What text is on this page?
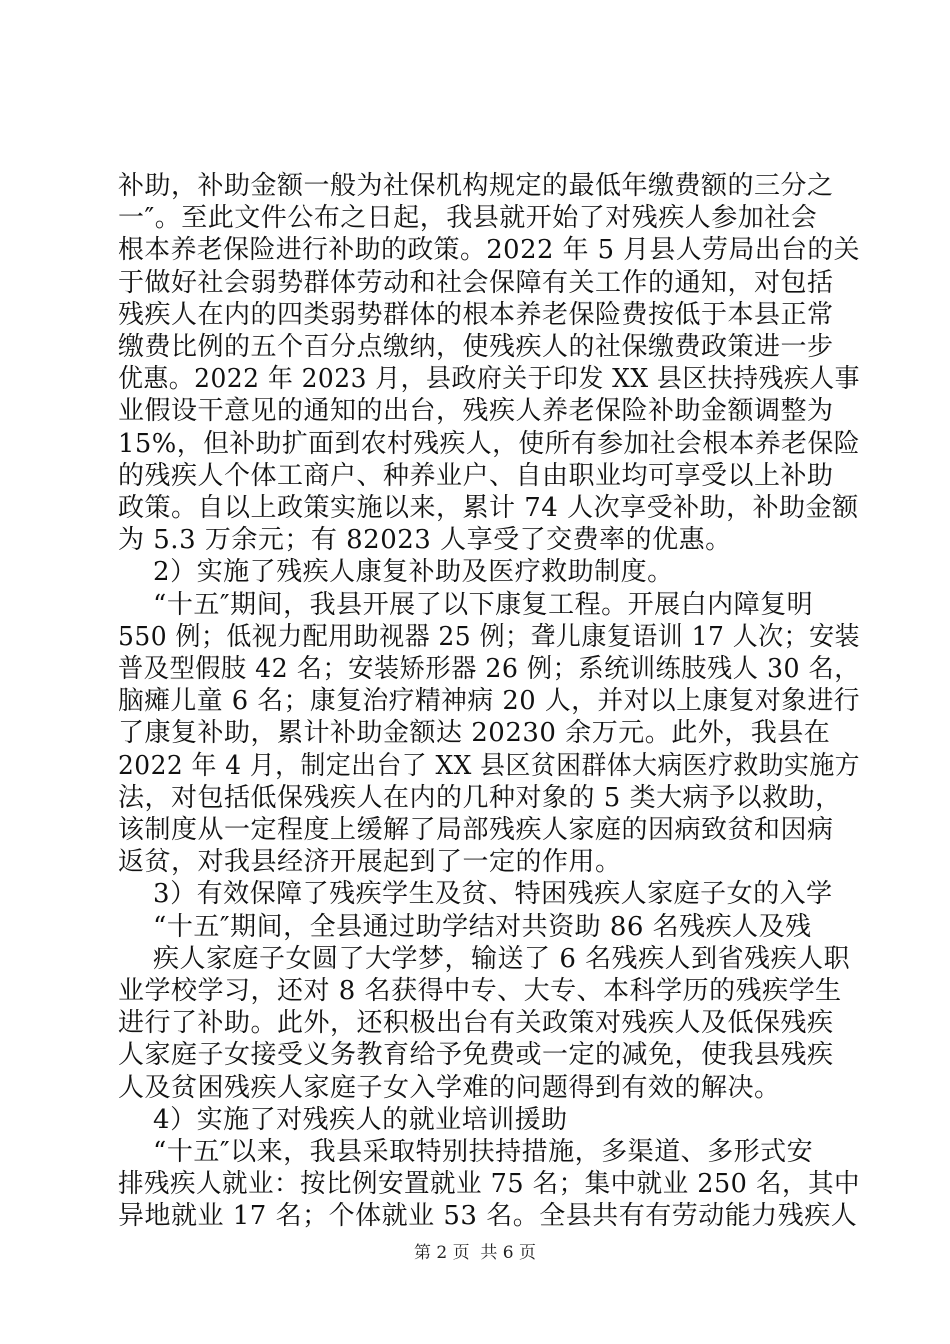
补助，补助金额一般为社保机构规定的最低年缴费额的三分之
一″。至此文件公布之日起，我县就开始了对残疾人参加社会
根本养老保险进行补助的政策。2022 年 5 月县人劳局出台的关
于做好社会弱势群体劳动和社会保障有关工作的通知，对包括
残疾人在内的四类弱势群体的根本养老保险费按低于本县正常
缴费比例的五个百分点缴纳，使残疾人的社保缴费政策进一步
优惠。2022 年 2023 月，县政府关于印发 XX 县区扶持残疾人事
业假设干意见的通知的出台，残疾人养老保险补助金额调整为
15%，但补助扩面到农村残疾人，使所有参加社会根本养老保险
的残疾人个体工商户、种养业户、自由职业均可享受以上补助
政策。自以上政策实施以来，累计 74 人次享受补助，补助金额
为 5.3 万余元；有 82023 人享受了交费率的优惠。
2）实施了残疾人康复补助及医疗救助制度。
“十五″期间，我县开展了以下康复工程。开展白内障复明
550 例；低视力配用助视器 25 例；聋儿康复语训 17 人次；安装
普及型假肢 42 名；安装矫形器 26 例；系统训练肢残人 30 名，
脑瘫儿童 6 名；康复治疗精神病 20 人，并对以上康复对象进行
了康复补助，累计补助金额达 20230 余万元。此外，我县在
2022 年 4 月，制定出台了 XX 县区贫困群体大病医疗救助实施方
法，对包括低保残疾人在内的几种对象的 5 类大病予以救助，
该制度从一定程度上缓解了局部残疾人家庭的因病致贫和因病
返贫，对我县经济开展起到了一定的作用。
3）有效保障了残疾学生及贫、特困残疾人家庭子女的入学
“十五″期间，全县通过助学结对共资助 86 名残疾人及残
疾人家庭子女圆了大学梦，输送了 6 名残疾人到省残疾人职
业学校学习，还对 8 名获得中专、大专、本科学历的残疾学生
进行了补助。此外，还积极出台有关政策对残疾人及低保残疾
人家庭子女接受义务教育给予免费或一定的减免，使我县残疾
人及贫困残疾人家庭子女入学难的问题得到有效的解决。
4）实施了对残疾人的就业培训援助
“十五″以来，我县采取特别扶持措施，多渠道、多形式安
排残疾人就业：按比例安置就业 75 名；集中就业 250 名，其中
异地就业 17 名；个体就业 53 名。全县共有有劳动能力残疾人
第 2 页  共 6 页
